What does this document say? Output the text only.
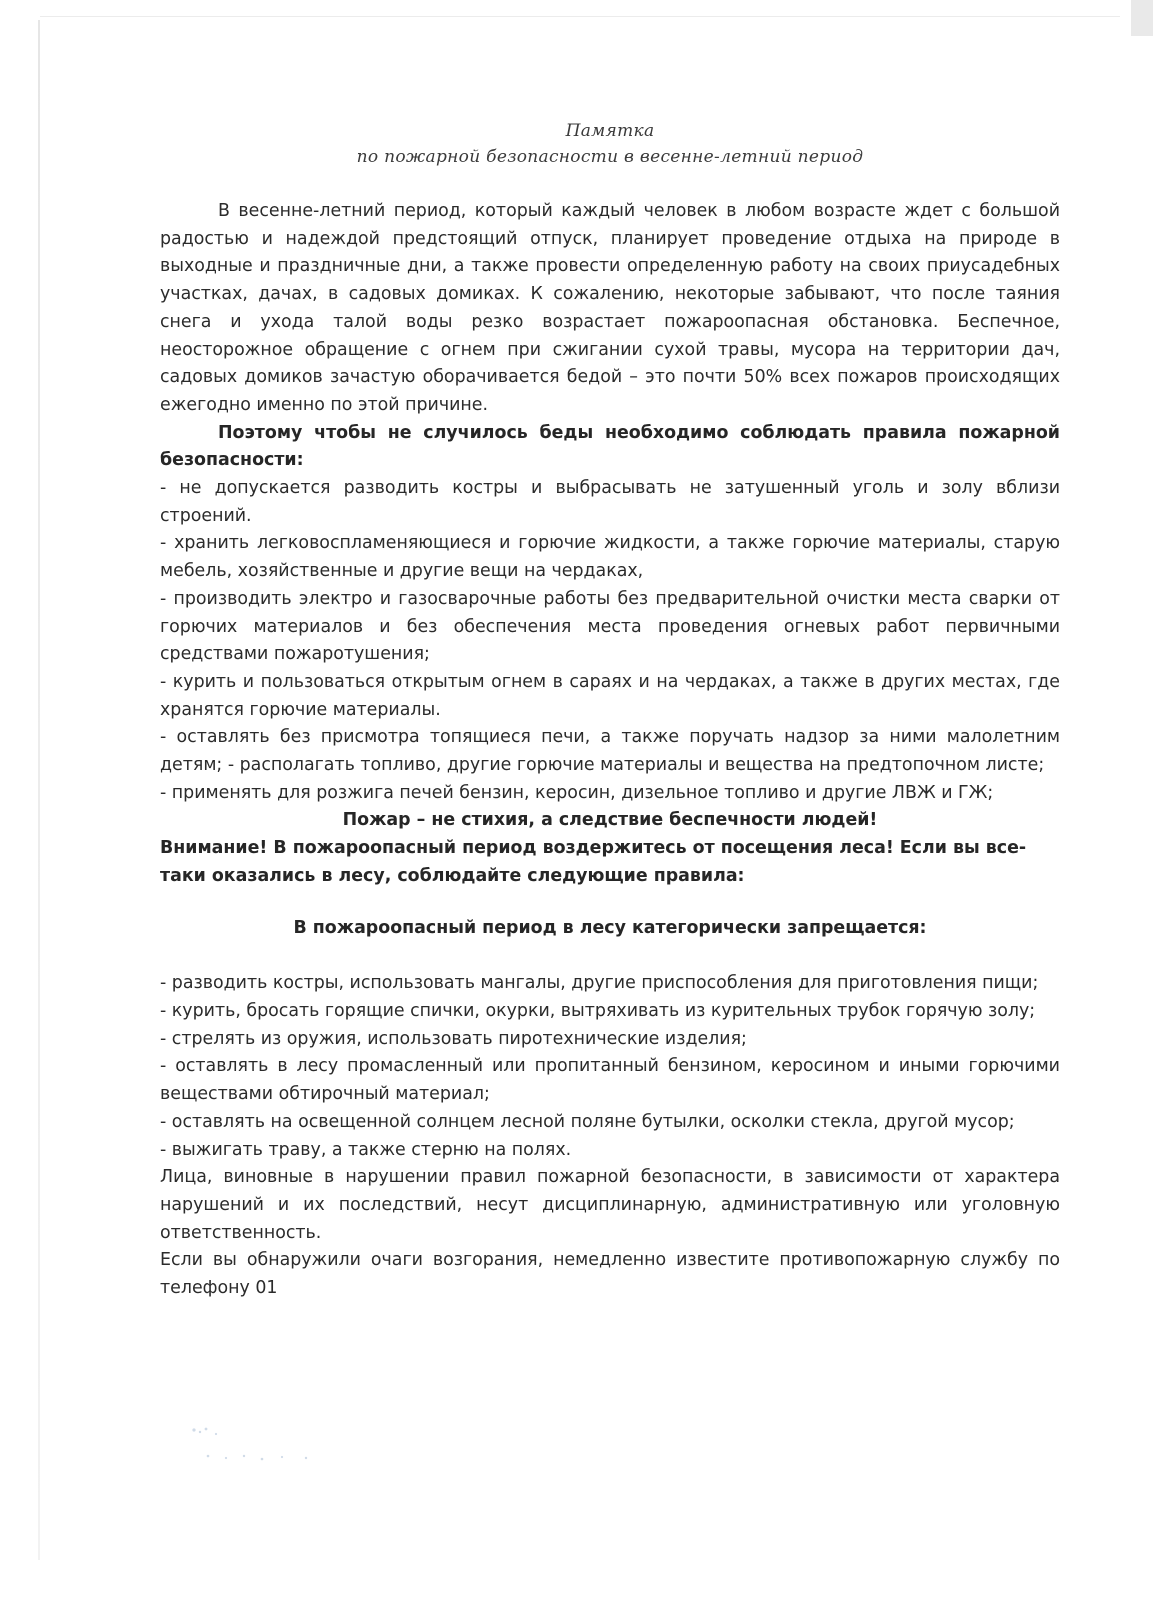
Памятка
по пожарной безопасности в весенне-летний период

В весенне-летний период, который каждый человек в любом возрасте ждет с большой радостью и надеждой предстоящий отпуск, планирует проведение отдыха на природе в выходные и праздничные дни, а также провести определенную работу на своих приусадебных участках, дачах, в садовых домиках. К сожалению, некоторые забывают, что после таяния снега и ухода талой воды резко возрастает пожароопасная обстановка. Беспечное, неосторожное обращение с огнем при сжигании сухой травы, мусора на территории дач, садовых домиков зачастую оборачивается бедой – это почти 50% всех пожаров происходящих ежегодно именно по этой причине.

Поэтому чтобы не случилось беды необходимо соблюдать правила пожарной безопасности:

- не допускается разводить костры и выбрасывать не затушенный уголь и золу вблизи строений.

- хранить легковоспламеняющиеся и горючие жидкости, а также горючие материалы, старую мебель, хозяйственные и другие вещи на чердаках,

- производить электро и газосварочные работы без предварительной очистки места сварки от горючих материалов и без обеспечения места проведения огневых работ первичными средствами пожаротушения;

- курить и пользоваться открытым огнем в сараях и на чердаках, а также в других местах, где хранятся горючие материалы.

- оставлять без присмотра топящиеся печи, а также поручать надзор за ними малолетним детям; - располагать топливо, другие горючие материалы и вещества на предтопочном листе;

- применять для розжига печей бензин, керосин, дизельное топливо и другие ЛВЖ и ГЖ;

Пожар – не стихия, а следствие беспечности людей!

Внимание! В пожароопасный период воздержитесь от посещения леса! Если вы все-таки оказались в лесу, соблюдайте следующие правила:

В пожароопасный период в лесу категорически запрещается:

- разводить костры, использовать мангалы, другие приспособления для приготовления пищи;

- курить, бросать горящие спички, окурки, вытряхивать из курительных трубок горячую золу;

- стрелять из оружия, использовать пиротехнические изделия;

- оставлять в лесу промасленный или пропитанный бензином, керосином и иными горючими веществами обтирочный материал;

- оставлять на освещенной солнцем лесной поляне бутылки, осколки стекла, другой мусор;

- выжигать траву, а также стерню на полях.

Лица, виновные в нарушении правил пожарной безопасности, в зависимости от характера нарушений и их последствий, несут дисциплинарную, административную или уголовную ответственность.

Если вы обнаружили очаги возгорания, немедленно известите противопожарную службу по телефону 01
